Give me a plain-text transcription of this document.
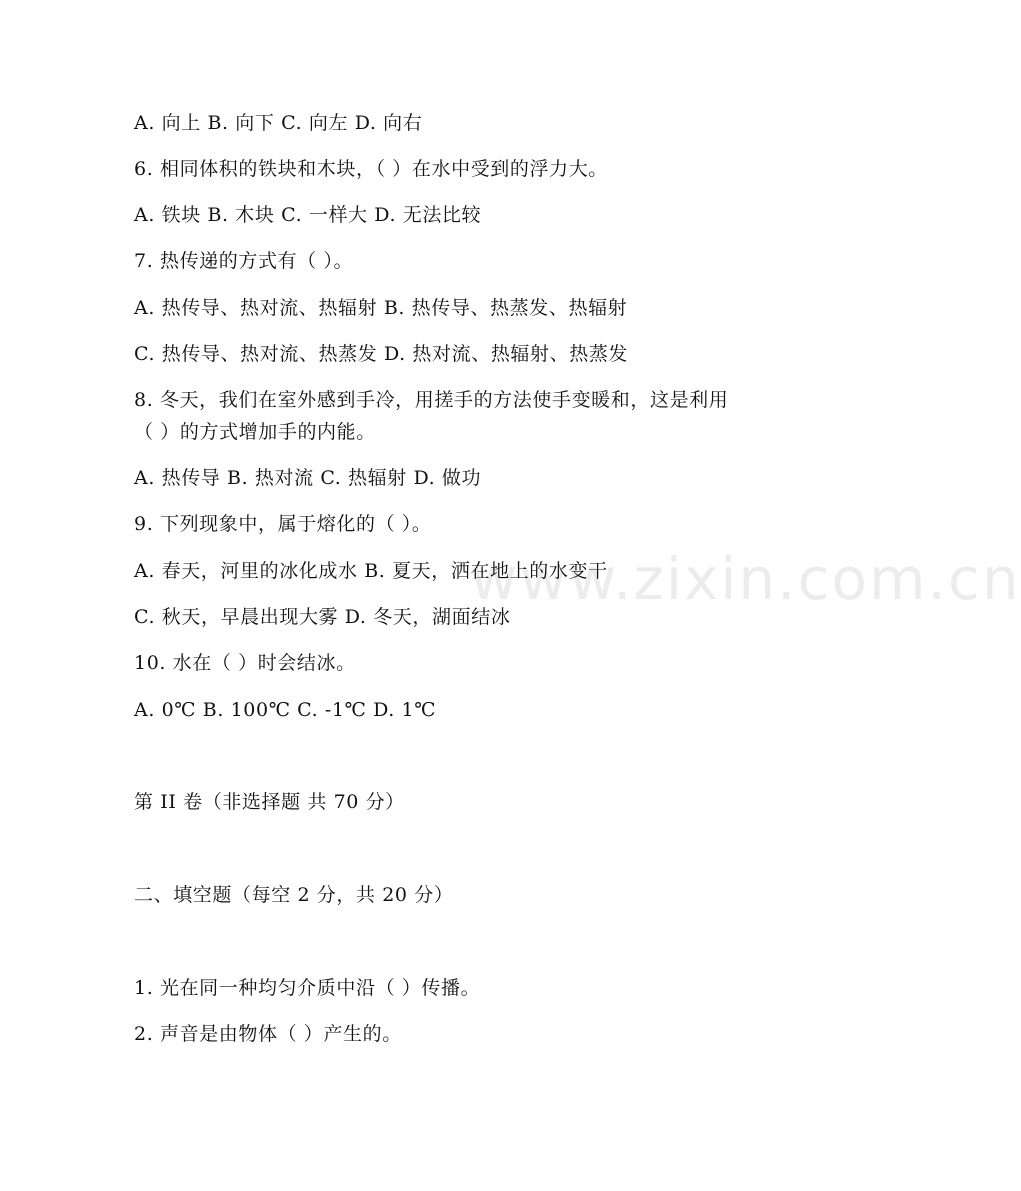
www.zixin.com.cn
A. 向上 B. 向下 C. 向左 D. 向右
6. 相同体积的铁块和木块，（ ）在水中受到的浮力大。
A. 铁块 B. 木块 C. 一样大 D. 无法比较
7. 热传递的方式有（ ）。
A. 热传导、热对流、热辐射 B. 热传导、热蒸发、热辐射
C. 热传导、热对流、热蒸发 D. 热对流、热辐射、热蒸发
8. 冬天，我们在室外感到手冷，用搓手的方法使手变暖和，这是利用
（ ）的方式增加手的内能。
A. 热传导 B. 热对流 C. 热辐射 D. 做功
9. 下列现象中，属于熔化的（ ）。
A. 春天，河里的冰化成水 B. 夏天，洒在地上的水变干
C. 秋天，早晨出现大雾 D. 冬天，湖面结冰
10. 水在（ ）时会结冰。
A. 0℃ B. 100℃ C. -1℃ D. 1℃
第 II 卷（非选择题 共 70 分）
二、填空题（每空 2 分，共 20 分）
1. 光在同一种均匀介质中沿（ ）传播。
2. 声音是由物体（ ）产生的。
